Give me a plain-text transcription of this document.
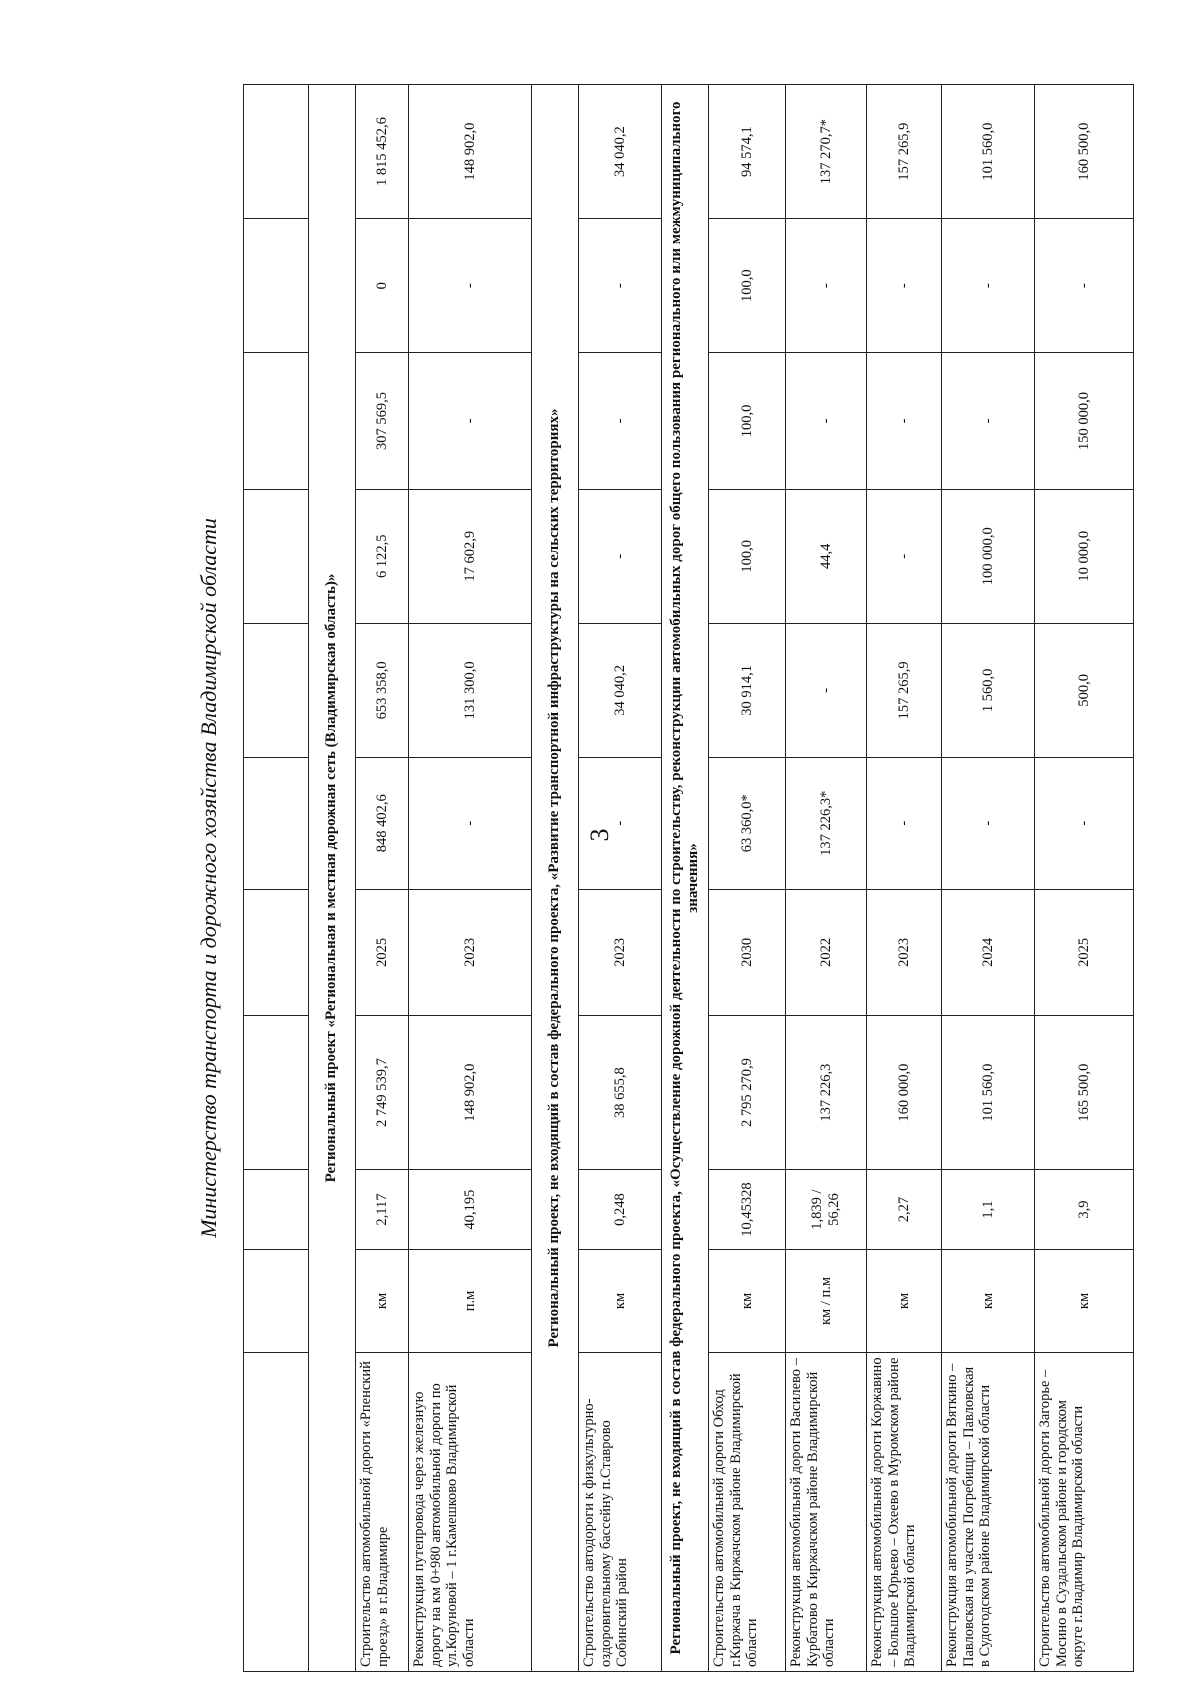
3
Министерство транспорта и дорожного хозяйства Владимирской области
											Региональный проект «Региональная и местная дорожная сеть (Владимирская область)»										
Строительство автомобильной дороги «Рпенский проезд» в г.Владимире	км	2,117	2 749 539,7	2025	848 402,6	653 358,0	6 122,5	307 569,5	0	1 815 452,6
Реконструкция путепровода через железную дорогу на км 0+980 автомобильной дороги по ул.Коруновой – 1 г.Камешково Владимирской области	п.м	40,195	148 902,0	2023	-	131 300,0	17 602,9	-	-	148 902,0
Региональный проект, не входящий в состав федерального проекта, «Развитие транспортной инфраструктуры на сельских территориях»										
Строительство автодороги к физкультурно-оздоровительному бассейну п.Ставрово Собинский район	км	0,248	38 655,8	2023	-	34 040,2	-	-	-	34 040,2
Региональный проект, не входящий в состав федерального проекта, «Осуществление дорожной деятельности по строительству, реконструкции автомобильных дорог общего пользования регионального или межмуниципального значения»										
Строительство автомобильной дороги Обход г.Киржача в Киржачском районе Владимирской области	км	10,45328	2 795 270,9	2030	63 360,0*	30 914,1	100,0	100,0	100,0	94 574,1
Реконструкция автомобильной дороги Василево – Курбатово в Киржачском районе Владимирской области	км / п.м	1,839 / 56,26	137 226,3	2022	137 226,3*	-	44,4	-	-	137 270,7*
Реконструкция автомобильной дороги Коржавино – Большое Юрьево – Охеево в Муромском районе Владимирской области	км	2,27	160 000,0	2023	-	157 265,9	-	-	-	157 265,9
Реконструкция автомобильной дороги Вяткино – Павловская на участке Погребищи – Павловская в Судогодском районе Владимирской области	км	1,1	101 560,0	2024	-	1 560,0	100 000,0	-	-	101 560,0
Строительство автомобильной дороги Загорье – Мосино в Суздальском районе и городском округе г.Владимир Владимирской области	км	3,9	165 500,0	2025	-	500,0	10 000,0	150 000,0	-	160 500,0
